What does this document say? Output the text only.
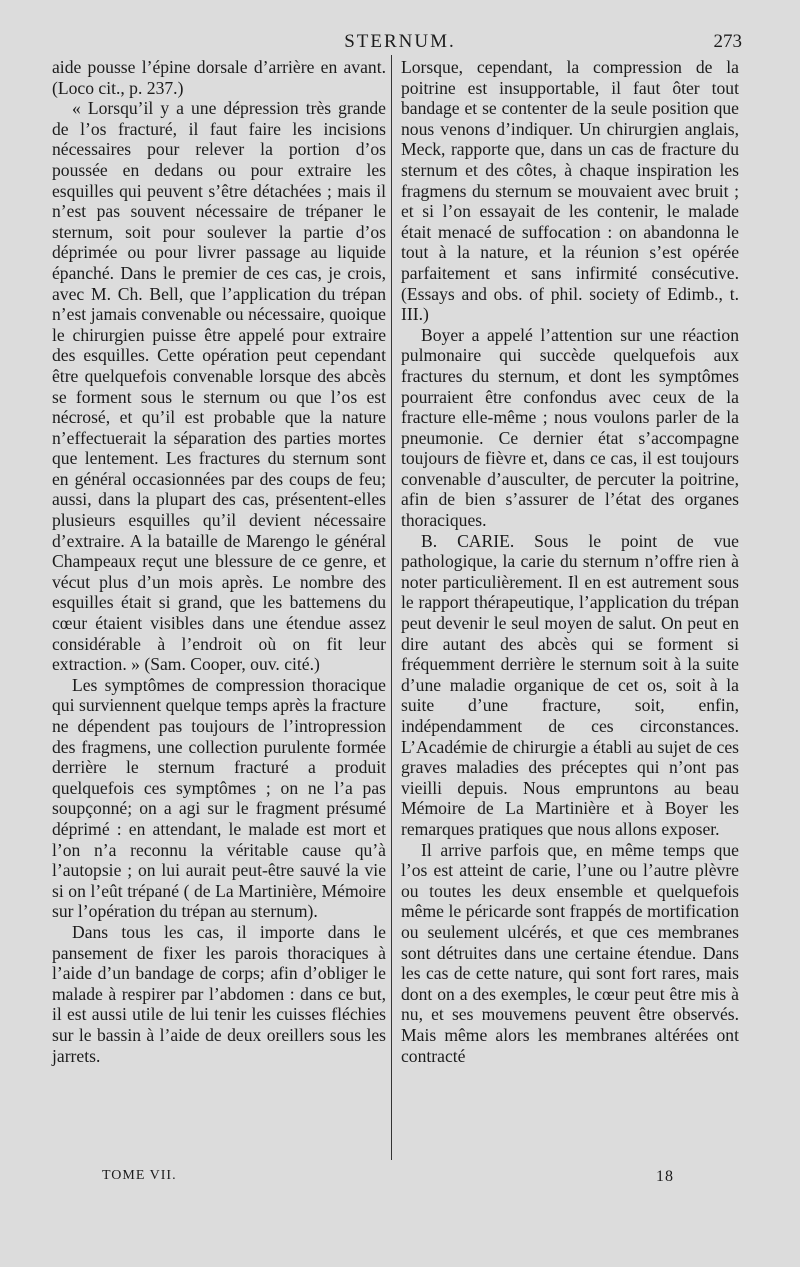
STERNUM.	273

aide pousse l’épine dorsale d’arrière en avant. (Loco cit., p. 237.)

« Lorsqu’il y a une dépression très grande de l’os fracturé, il faut faire les incisions nécessaires pour relever la portion d’os poussée en dedans ou pour extraire les esquilles qui peuvent s’être détachées ; mais il n’est pas souvent nécessaire de trépaner le sternum, soit pour soulever la partie d’os déprimée ou pour livrer passage au liquide épanché. Dans le premier de ces cas, je crois, avec M. Ch. Bell, que l’application du trépan n’est jamais convenable ou nécessaire, quoique le chirurgien puisse être appelé pour extraire des esquilles. Cette opération peut cependant être quelquefois convenable lorsque des abcès se forment sous le sternum ou que l’os est nécrosé, et qu’il est probable que la nature n’effectuerait la séparation des parties mortes que lentement. Les fractures du sternum sont en général occasionnées par des coups de feu; aussi, dans la plupart des cas, présentent-elles plusieurs esquilles qu’il devient nécessaire d’extraire. A la bataille de Marengo le général Champeaux reçut une blessure de ce genre, et vécut plus d’un mois après. Le nombre des esquilles était si grand, que les battemens du cœur étaient visibles dans une étendue assez considérable à l’endroit où on fit leur extraction. » (Sam. Cooper, ouv. cité.)

Les symptômes de compression thoracique qui surviennent quelque temps après la fracture ne dépendent pas toujours de l’intropression des fragmens, une collection purulente formée derrière le sternum fracturé a produit quelquefois ces symptômes ; on ne l’a pas soupçonné; on a agi sur le fragment présumé déprimé : en attendant, le malade est mort et l’on n’a reconnu la véritable cause qu’à l’autopsie ; on lui aurait peut-être sauvé la vie si on l’eût trépané ( de La Martinière, Mémoire sur l’opération du trépan au sternum).

Dans tous les cas, il importe dans le pansement de fixer les parois thoraciques à l’aide d’un bandage de corps; afin d’obliger le malade à respirer par l’abdomen : dans ce but, il est aussi utile de lui tenir les cuisses fléchies sur le bassin à l’aide de deux oreillers sous les jarrets.

Lorsque, cependant, la compression de la poitrine est insupportable, il faut ôter tout bandage et se contenter de la seule position que nous venons d’indiquer. Un chirurgien anglais, Meck, rapporte que, dans un cas de fracture du sternum et des côtes, à chaque inspiration les fragmens du sternum se mouvaient avec bruit ; et si l’on essayait de les contenir, le malade était menacé de suffocation : on abandonna le tout à la nature, et la réunion s’est opérée parfaitement et sans infirmité consécutive. (Essays and obs. of phil. society of Edimb., t. III.)

Boyer a appelé l’attention sur une réaction pulmonaire qui succède quelquefois aux fractures du sternum, et dont les symptômes pourraient être confondus avec ceux de la fracture elle-même ; nous voulons parler de la pneumonie. Ce dernier état s’accompagne toujours de fièvre et, dans ce cas, il est toujours convenable d’ausculter, de percuter la poitrine, afin de bien s’assurer de l’état des organes thoraciques.

B. CARIE. Sous le point de vue pathologique, la carie du sternum n’offre rien à noter particulièrement. Il en est autrement sous le rapport thérapeutique, l’application du trépan peut devenir le seul moyen de salut. On peut en dire autant des abcès qui se forment si fréquemment derrière le sternum soit à la suite d’une maladie organique de cet os, soit à la suite d’une fracture, soit, enfin, indépendamment de ces circonstances. L’Académie de chirurgie a établi au sujet de ces graves maladies des préceptes qui n’ont pas vieilli depuis. Nous empruntons au beau Mémoire de La Martinière et à Boyer les remarques pratiques que nous allons exposer.

Il arrive parfois que, en même temps que l’os est atteint de carie, l’une ou l’autre plèvre ou toutes les deux ensemble et quelquefois même le péricarde sont frappés de mortification ou seulement ulcérés, et que ces membranes sont détruites dans une certaine étendue. Dans les cas de cette nature, qui sont fort rares, mais dont on a des exemples, le cœur peut être mis à nu, et ses mouvemens peuvent être observés. Mais même alors les membranes altérées ont contracté

TOME VII.	18
